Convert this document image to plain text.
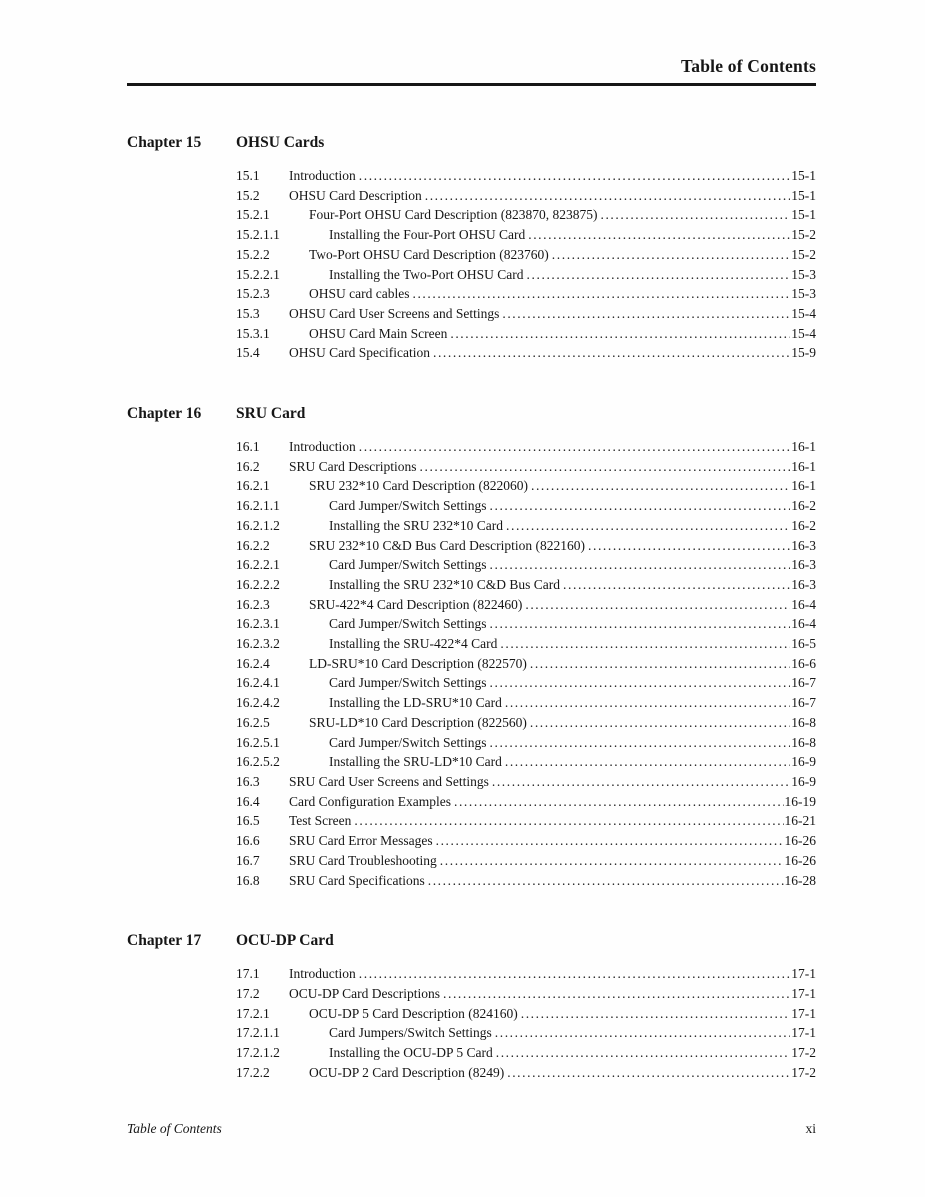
Table of Contents
Chapter 15	OHSU Cards
15.1	Introduction .....	15-1
15.2	OHSU Card Description .....	15-1
15.2.1	Four-Port OHSU Card Description (823870, 823875) .....	15-1
15.2.1.1	Installing the Four-Port OHSU Card .....	15-2
15.2.2	Two-Port OHSU Card Description (823760) .....	15-2
15.2.2.1	Installing the Two-Port OHSU Card .....	15-3
15.2.3	OHSU card cables .....	15-3
15.3	OHSU Card User Screens and Settings .....	15-4
15.3.1	OHSU Card Main Screen .....	15-4
15.4	OHSU Card Specification .....	15-9
Chapter 16	SRU Card
16.1	Introduction .....	16-1
16.2	SRU Card Descriptions .....	16-1
16.2.1	SRU 232*10 Card Description (822060) .....	16-1
16.2.1.1	Card Jumper/Switch Settings .....	16-2
16.2.1.2	Installing the SRU 232*10 Card .....	16-2
16.2.2	SRU 232*10 C&D Bus Card Description (822160) .....	16-3
16.2.2.1	Card Jumper/Switch Settings .....	16-3
16.2.2.2	Installing the SRU 232*10 C&D Bus Card .....	16-3
16.2.3	SRU-422*4 Card Description (822460) .....	16-4
16.2.3.1	Card Jumper/Switch Settings .....	16-4
16.2.3.2	Installing the SRU-422*4 Card .....	16-5
16.2.4	LD-SRU*10 Card Description (822570) .....	16-6
16.2.4.1	Card Jumper/Switch Settings .....	16-7
16.2.4.2	Installing the LD-SRU*10 Card .....	16-7
16.2.5	SRU-LD*10 Card Description (822560) .....	16-8
16.2.5.1	Card Jumper/Switch Settings .....	16-8
16.2.5.2	Installing the SRU-LD*10 Card .....	16-9
16.3	SRU Card User Screens and Settings .....	16-9
16.4	Card Configuration Examples .....	16-19
16.5	Test Screen .....	16-21
16.6	SRU Card Error Messages .....	16-26
16.7	SRU Card Troubleshooting .....	16-26
16.8	SRU Card Specifications .....	16-28
Chapter 17	OCU-DP Card
17.1	Introduction .....	17-1
17.2	OCU-DP Card Descriptions .....	17-1
17.2.1	OCU-DP 5 Card Description (824160) .....	17-1
17.2.1.1	Card Jumpers/Switch Settings .....	17-1
17.2.1.2	Installing the OCU-DP 5 Card .....	17-2
17.2.2	OCU-DP 2 Card Description (8249) .....	17-2
Table of Contents	xi
